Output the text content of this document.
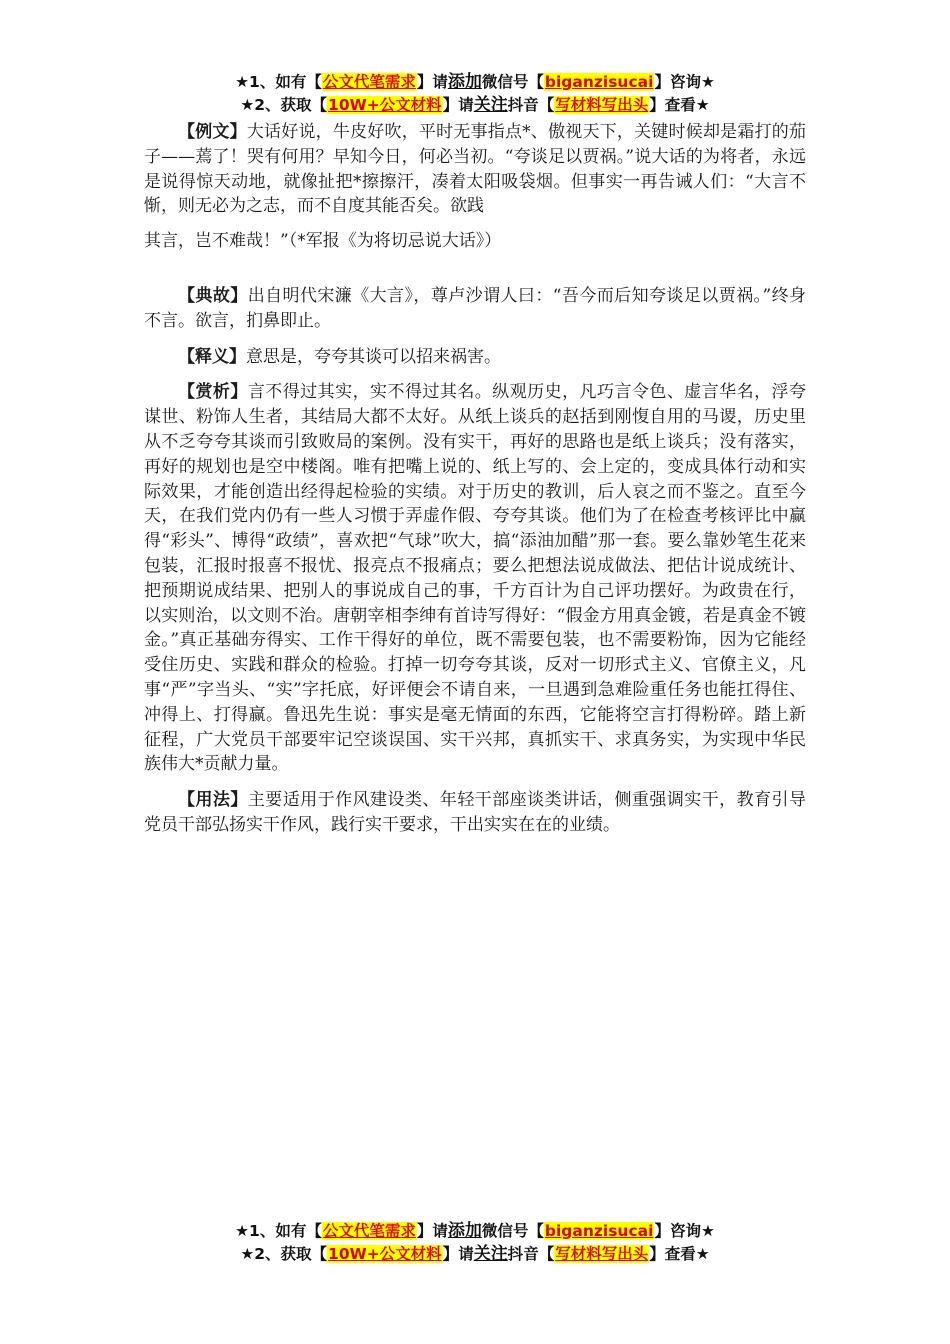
★1、如有【公文代笔需求】请添加微信号【biganzisucai】咨询★
★2、获取【10W+公文材料】请关注抖音【写材料写出头】查看★

【例文】大话好说，牛皮好吹，平时无事指点*、傲视天下，关键时候却是霜打的茄子——蔫了！哭有何用？早知今日，何必当初。“夸谈足以贾祸。”说大话的为将者，永远是说得惊天动地，就像扯把*擦擦汗，凑着太阳吸袋烟。但事实一再告诫人们：“大言不惭，则无必为之志，而不自度其能否矣。欲践
其言，岂不难哉！”（*军报《为将切忌说大话》）

【典故】出自明代宋濂《大言》，尊卢沙谓人曰：“吾今而后知夸谈足以贾祸。”终身不言。欲言，扪鼻即止。

【释义】意思是，夸夸其谈可以招来祸害。

【赏析】言不得过其实，实不得过其名。纵观历史，凡巧言令色、虚言华名，浮夸谋世、粉饰人生者，其结局大都不太好。从纸上谈兵的赵括到刚愎自用的马谡，历史里从不乏夸夸其谈而引致败局的案例。没有实干，再好的思路也是纸上谈兵；没有落实，再好的规划也是空中楼阁。唯有把嘴上说的、纸上写的、会上定的，变成具体行动和实际效果，才能创造出经得起检验的实绩。对于历史的教训，后人哀之而不鉴之。直至今天，在我们党内仍有一些人习惯于弄虚作假、夸夸其谈。他们为了在检查考核评比中赢得“彩头”、博得“政绩”，喜欢把“气球”吹大，搞“添油加醋”那一套。要么靠妙笔生花来包装，汇报时报喜不报忧、报亮点不报痛点；要么把想法说成做法、把估计说成统计、把预期说成结果、把别人的事说成自己的事，千方百计为自己评功摆好。为政贵在行，以实则治，以文则不治。唐朝宰相李绅有首诗写得好：“假金方用真金镀，若是真金不镀金。”真正基础夯得实、工作干得好的单位，既不需要包装，也不需要粉饰，因为它能经受住历史、实践和群众的检验。打掉一切夸夸其谈，反对一切形式主义、官僚主义，凡事“严”字当头、“实”字托底，好评便会不请自来，一旦遇到急难险重任务也能扛得住、冲得上、打得赢。鲁迅先生说：事实是毫无情面的东西，它能将空言打得粉碎。踏上新征程，广大党员干部要牢记空谈误国、实干兴邦，真抓实干、求真务实，为实现中华民族伟大*贡献力量。

【用法】主要适用于作风建设类、年轻干部座谈类讲话，侧重强调实干，教育引导党员干部弘扬实干作风，践行实干要求，干出实实在在的业绩。

★1、如有【公文代笔需求】请添加微信号【biganzisucai】咨询★
★2、获取【10W+公文材料】请关注抖音【写材料写出头】查看★
